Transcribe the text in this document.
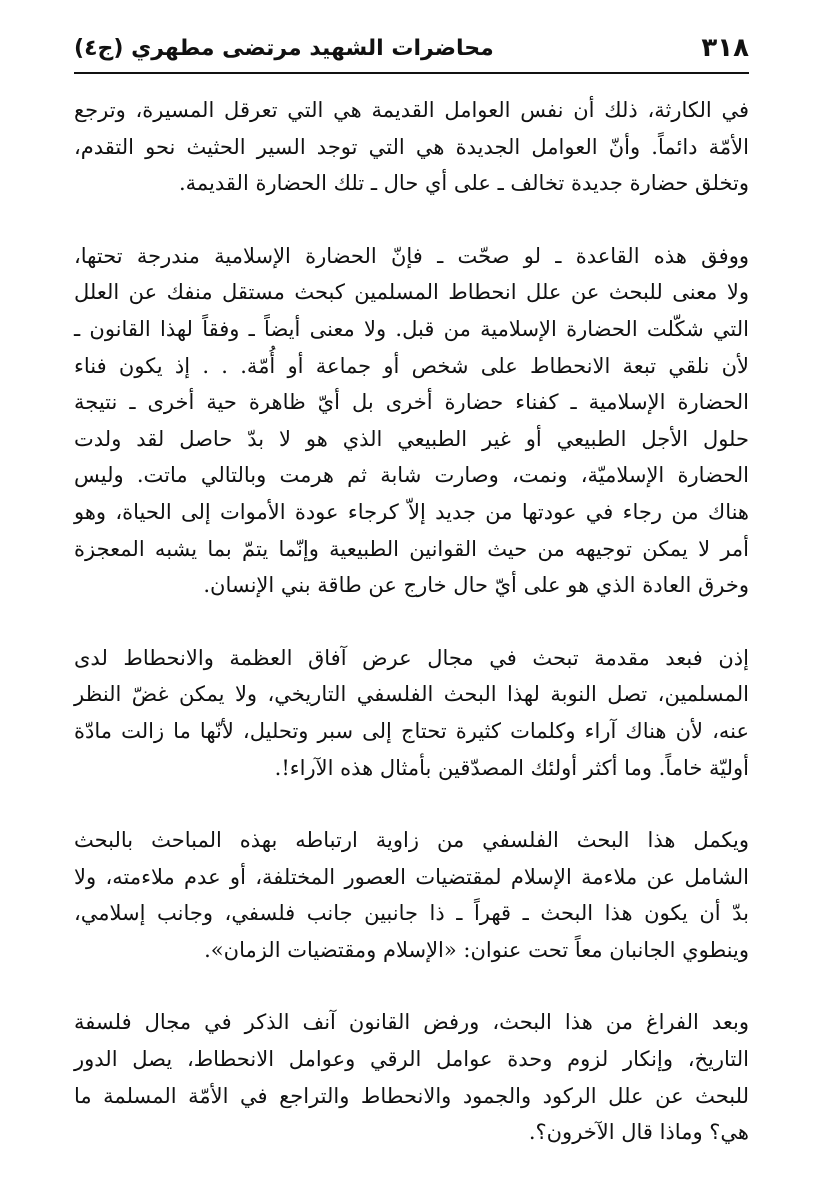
٣١٨
محاضرات الشهيد مرتضى مطهري (ج٤)

في الكارثة، ذلك أن نفس العوامل القديمة هي التي تعرقل المسيرة، وترجع
الأمّة دائماً. وأنّ العوامل الجديدة هي التي توجد السير الحثيث نحو التقدم،
وتخلق حضارة جديدة تخالف ـ على أي حال ـ تلك الحضارة القديمة.

ووفق هذه القاعدة ـ لو صحّت ـ فإنّ الحضارة الإسلامية مندرجة تحتها،
ولا معنى للبحث عن علل انحطاط المسلمين كبحث مستقل منفك عن العلل
التي شكّلت الحضارة الإسلامية من قبل. ولا معنى أيضاً ـ وفقاً لهذا القانون ـ
لأن نلقي تبعة الانحطاط على شخص أو جماعة أو أُمّة. . . إذ يكون فناء
الحضارة الإسلامية ـ كفناء حضارة أخرى بل أيّ ظاهرة حية أخرى ـ نتيجة
حلول الأجل الطبيعي أو غير الطبيعي الذي هو لا بدّ حاصل لقد ولدت
الحضارة الإسلاميّة، ونمت، وصارت شابة ثم هرمت وبالتالي ماتت. وليس
هناك من رجاء في عودتها من جديد إلاّ كرجاء عودة الأموات إلى الحياة، وهو
أمر لا يمكن توجيهه من حيث القوانين الطبيعية وإنّما يتمّ بما يشبه المعجزة
وخرق العادة الذي هو على أيّ حال خارج عن طاقة بني الإنسان.

إذن فبعد مقدمة تبحث في مجال عرض آفاق العظمة والانحطاط لدى
المسلمين، تصل النوبة لهذا البحث الفلسفي التاريخي، ولا يمكن غضّ النظر
عنه، لأن هناك آراء وكلمات كثيرة تحتاج إلى سبر وتحليل، لأنّها ما زالت مادّة
أوليّة خاماً. وما أكثر أولئك المصدّقين بأمثال هذه الآراء!.

ويكمل هذا البحث الفلسفي من زاوية ارتباطه بهذه المباحث بالبحث
الشامل عن ملاءمة الإسلام لمقتضيات العصور المختلفة، أو عدم ملاءمته، ولا
بدّ أن يكون هذا البحث ـ قهراً ـ ذا جانبين جانب فلسفي، وجانب إسلامي،
وينطوي الجانبان معاً تحت عنوان: «الإسلام ومقتضيات الزمان».

وبعد الفراغ من هذا البحث، ورفض القانون آنف الذكر في مجال فلسفة
التاريخ، وإنكار لزوم وحدة عوامل الرقي وعوامل الانحطاط، يصل الدور
للبحث عن علل الركود والجمود والانحطاط والتراجع في الأمّة المسلمة ما
هي؟ وماذا قال الآخرون؟.
